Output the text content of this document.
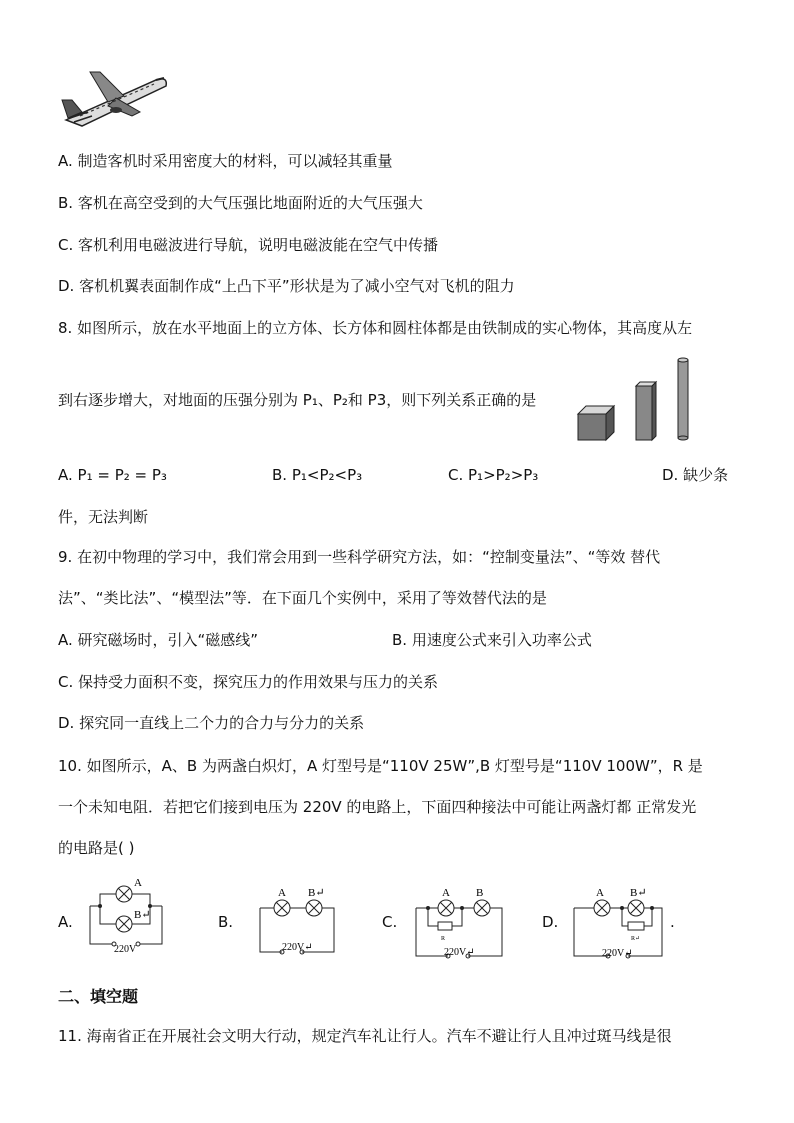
A. 制造客机时采用密度大的材料，可以减轻其重量
B. 客机在高空受到的大气压强比地面附近的大气压强大
C. 客机利用电磁波进行导航，说明电磁波能在空气中传播
D. 客机机翼表面制作成“上凸下平”形状是为了减小空气对飞机的阻力
8. 如图所示，放在水平地面上的立方体、长方体和圆柱体都是由铁制成的实心物体，其高度从左
到右逐步增大，对地面的压强分别为 P₁、P₂和 P3，则下列关系正确的是
A. P₁ = P₂ = P₃	B. P₁<P₂<P₃	C. P₁>P₂>P₃	D. 缺少条
件，无法判断
9. 在初中物理的学习中，我们常会用到一些科学研究方法，如：“控制变量法”、“等效 替代
法”、“类比法”、“模型法”等．在下面几个实例中，采用了等效替代法的是
A. 研究磁场时，引入“磁感线”	B. 用速度公式来引入功率公式
C. 保持受力面积不变，探究压力的作用效果与压力的关系
D. 探究同一直线上二个力的合力与分力的关系
10. 如图所示，A、B 为两盏白炽灯，A 灯型号是“110V 25W”,B 灯型号是“110V 100W”，R 是
一个未知电阻．若把它们接到电压为 220V 的电路上，下面四种接法中可能让两盏灯都 正常发光
的电路是( )
A.
A
B↵
220V
B.
A B↵
220V↵
C.
A B
R
220V↵
D.
A B↵
R↵
220V↵
.
二、填空题
11. 海南省正在开展社会文明大行动，规定汽车礼让行人。汽车不避让行人且冲过斑马线是很
